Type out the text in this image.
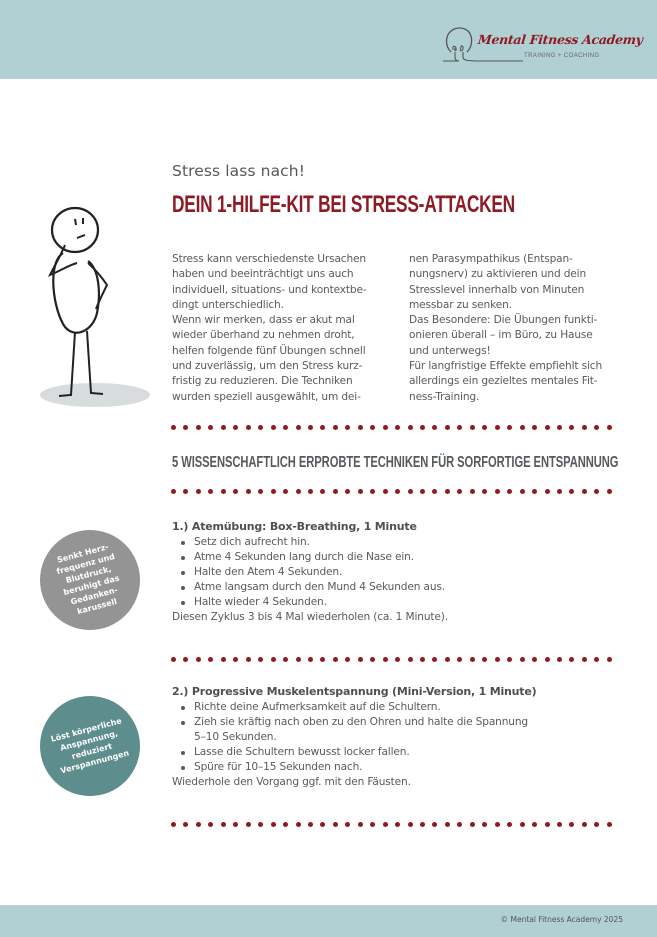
Mental Fitness Academy
TRAINING + COACHING
Stress lass nach!
DEIN 1-HILFE-KIT BEI STRESS-ATTACKEN

Stress kann verschiedenste Ursachen

haben und beeinträchtigt uns auch

individuell, situations- und kontextbe-

dingt unterschiedlich.

Wenn wir merken, dass er akut mal

wieder überhand zu nehmen droht,

helfen folgende fünf Übungen schnell

und zuverlässig, um den Stress kurz-

fristig zu reduzieren. Die Techniken

wurden speziell ausgewählt, um dei-

nen Parasympathikus (Entspan-

nungsnerv) zu aktivieren und dein

Stresslevel innerhalb von Minuten

messbar zu senken.

Das Besondere: Die Übungen funkti-

onieren überall – im Büro, zu Hause

und unterwegs!

Für langfristige Effekte empfiehlt sich

allerdings ein gezieltes mentales Fit-

ness-Training.

5 WISSENSCHAFTLICH ERPROBTE TECHNIKEN FÜR SORFORTIGE ENTSPANNUNG
Senkt Herz-
frequenz und
Blutdruck,
beruhigt das
Gedanken-
karussell
1.) Atemübung: Box-Breathing, 1 Minute
Setz dich aufrecht hin.
Atme 4 Sekunden lang durch die Nase ein.
Halte den Atem 4 Sekunden.
Atme langsam durch den Mund 4 Sekunden aus.
Halte wieder 4 Sekunden.

Diesen Zyklus 3 bis 4 Mal wiederholen (ca. 1 Minute).

Löst körperliche
Anspannung,
reduziert
Verspannungen
2.) Progressive Muskelentspannung (Mini-Version, 1 Minute)
Richte deine Aufmerksamkeit auf die Schultern.
Zieh sie kräftig nach oben zu den Ohren und halte die Spannung
5–10 Sekunden.
Lasse die Schultern bewusst locker fallen.
Spüre für 10–15 Sekunden nach.

Wiederhole den Vorgang ggf. mit den Fäusten.

© Mental Fitness Academy 2025
